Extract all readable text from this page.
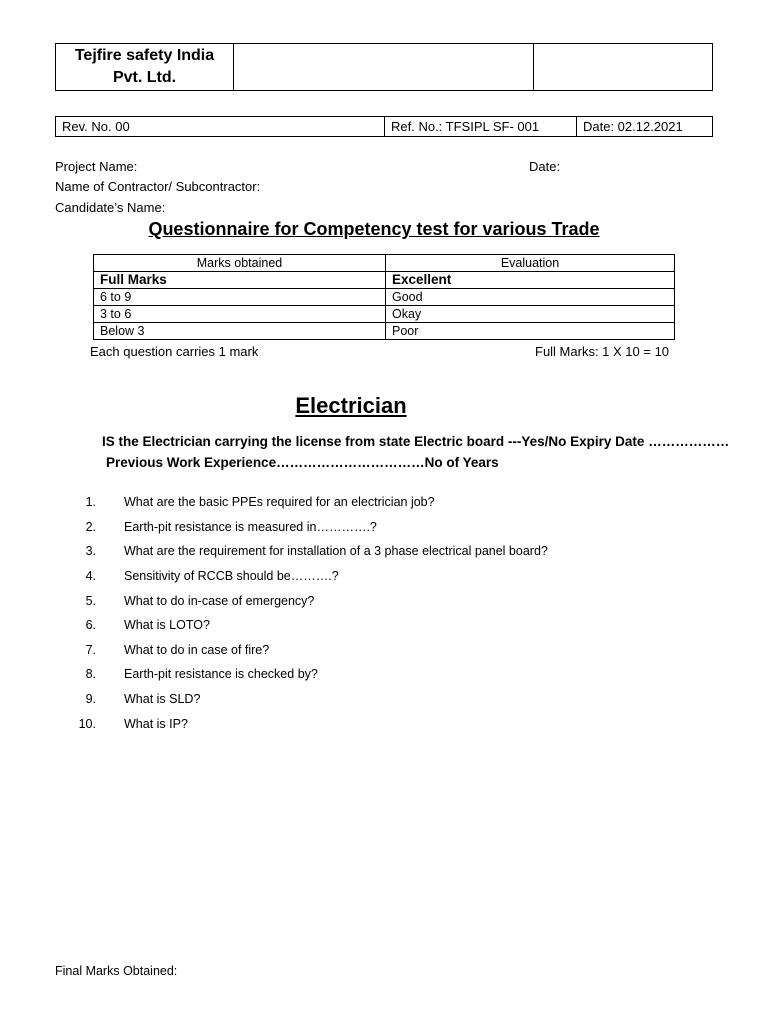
Tejfire safety India
Pvt. Ltd.
Rev. No. 00	Ref. No.: TFSIPL SF- 001	Date: 02.12.2021
Project Name:	Date:
Name of Contractor/ Subcontractor:
Candidate’s Name:
Questionnaire for Competency test for various Trade
Marks obtained	Evaluation
Full Marks	Excellent
6 to 9	Good
3 to 6	Okay
Below 3	Poor
Each question carries 1 mark	Full Marks: 1 X 10 = 10
Electrician
IS the Electrician carrying the license from state Electric board ---Yes/No Expiry Date ………………
Previous Work Experience……………………………No of Years
1.	What are the basic PPEs required for an electrician job?
2.	Earth-pit resistance is measured in………….?
3.	What are the requirement for installation of a 3 phase electrical panel board?
4.	Sensitivity of RCCB should be……….?
5.	What to do in-case of emergency?
6.	What is LOTO?
7.	What to do in case of fire?
8.	Earth-pit resistance is checked by?
9.	What is SLD?
10.	What is IP?
Final Marks Obtained:
